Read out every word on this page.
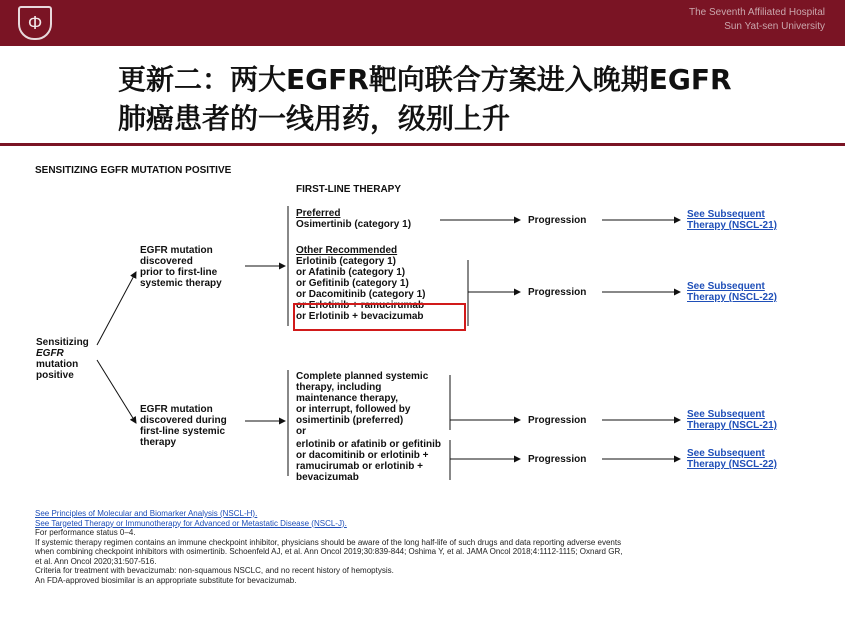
Φ
The Seventh Affiliated Hospital
Sun Yat-sen University
更新二：两大EGFR靶向联合方案进入晚期EGFR
肺癌患者的一线用药，级别上升
SENSITIZING EGFR MUTATION POSITIVE
FIRST-LINE THERAPY
Sensitizing
EGFR
mutation
positive
EGFR mutation
discovered
prior to first-line
systemic therapy
EGFR mutation
discovered during
first-line systemic
therapy
Preferred
Osimertinib (category 1)
Other Recommended
Erlotinib (category 1)
or Afatinib (category 1)
or Gefitinib (category 1)
or Dacomitinib (category 1)
or Erlotinib + ramucirumab
or Erlotinib + bevacizumab
Complete planned systemic
therapy, including
maintenance therapy,
or interrupt, followed by
osimertinib (preferred)
or
erlotinib or afatinib or gefitinib
or dacomitinib or erlotinib +
ramucirumab or erlotinib +
bevacizumab
Progression
Progression
Progression
Progression
See Subsequent
Therapy (NSCL-21)
See Subsequent
Therapy (NSCL-22)
See Subsequent
Therapy (NSCL-21)
See Subsequent
Therapy (NSCL-22)
See Principles of Molecular and Biomarker Analysis (NSCL-H).
See Targeted Therapy or Immunotherapy for Advanced or Metastatic Disease (NSCL-J).
For performance status 0–4.
If systemic therapy regimen contains an immune checkpoint inhibitor, physicians should be aware of the long half-life of such drugs and data reporting adverse events
when combining checkpoint inhibitors with osimertinib. Schoenfeld AJ, et al. Ann Oncol 2019;30:839-844; Oshima Y, et al. JAMA Oncol 2018;4:1112-1115; Oxnard GR,
et al. Ann Oncol 2020;31:507-516.
Criteria for treatment with bevacizumab: non-squamous NSCLC, and no recent history of hemoptysis.
An FDA-approved biosimilar is an appropriate substitute for bevacizumab.
